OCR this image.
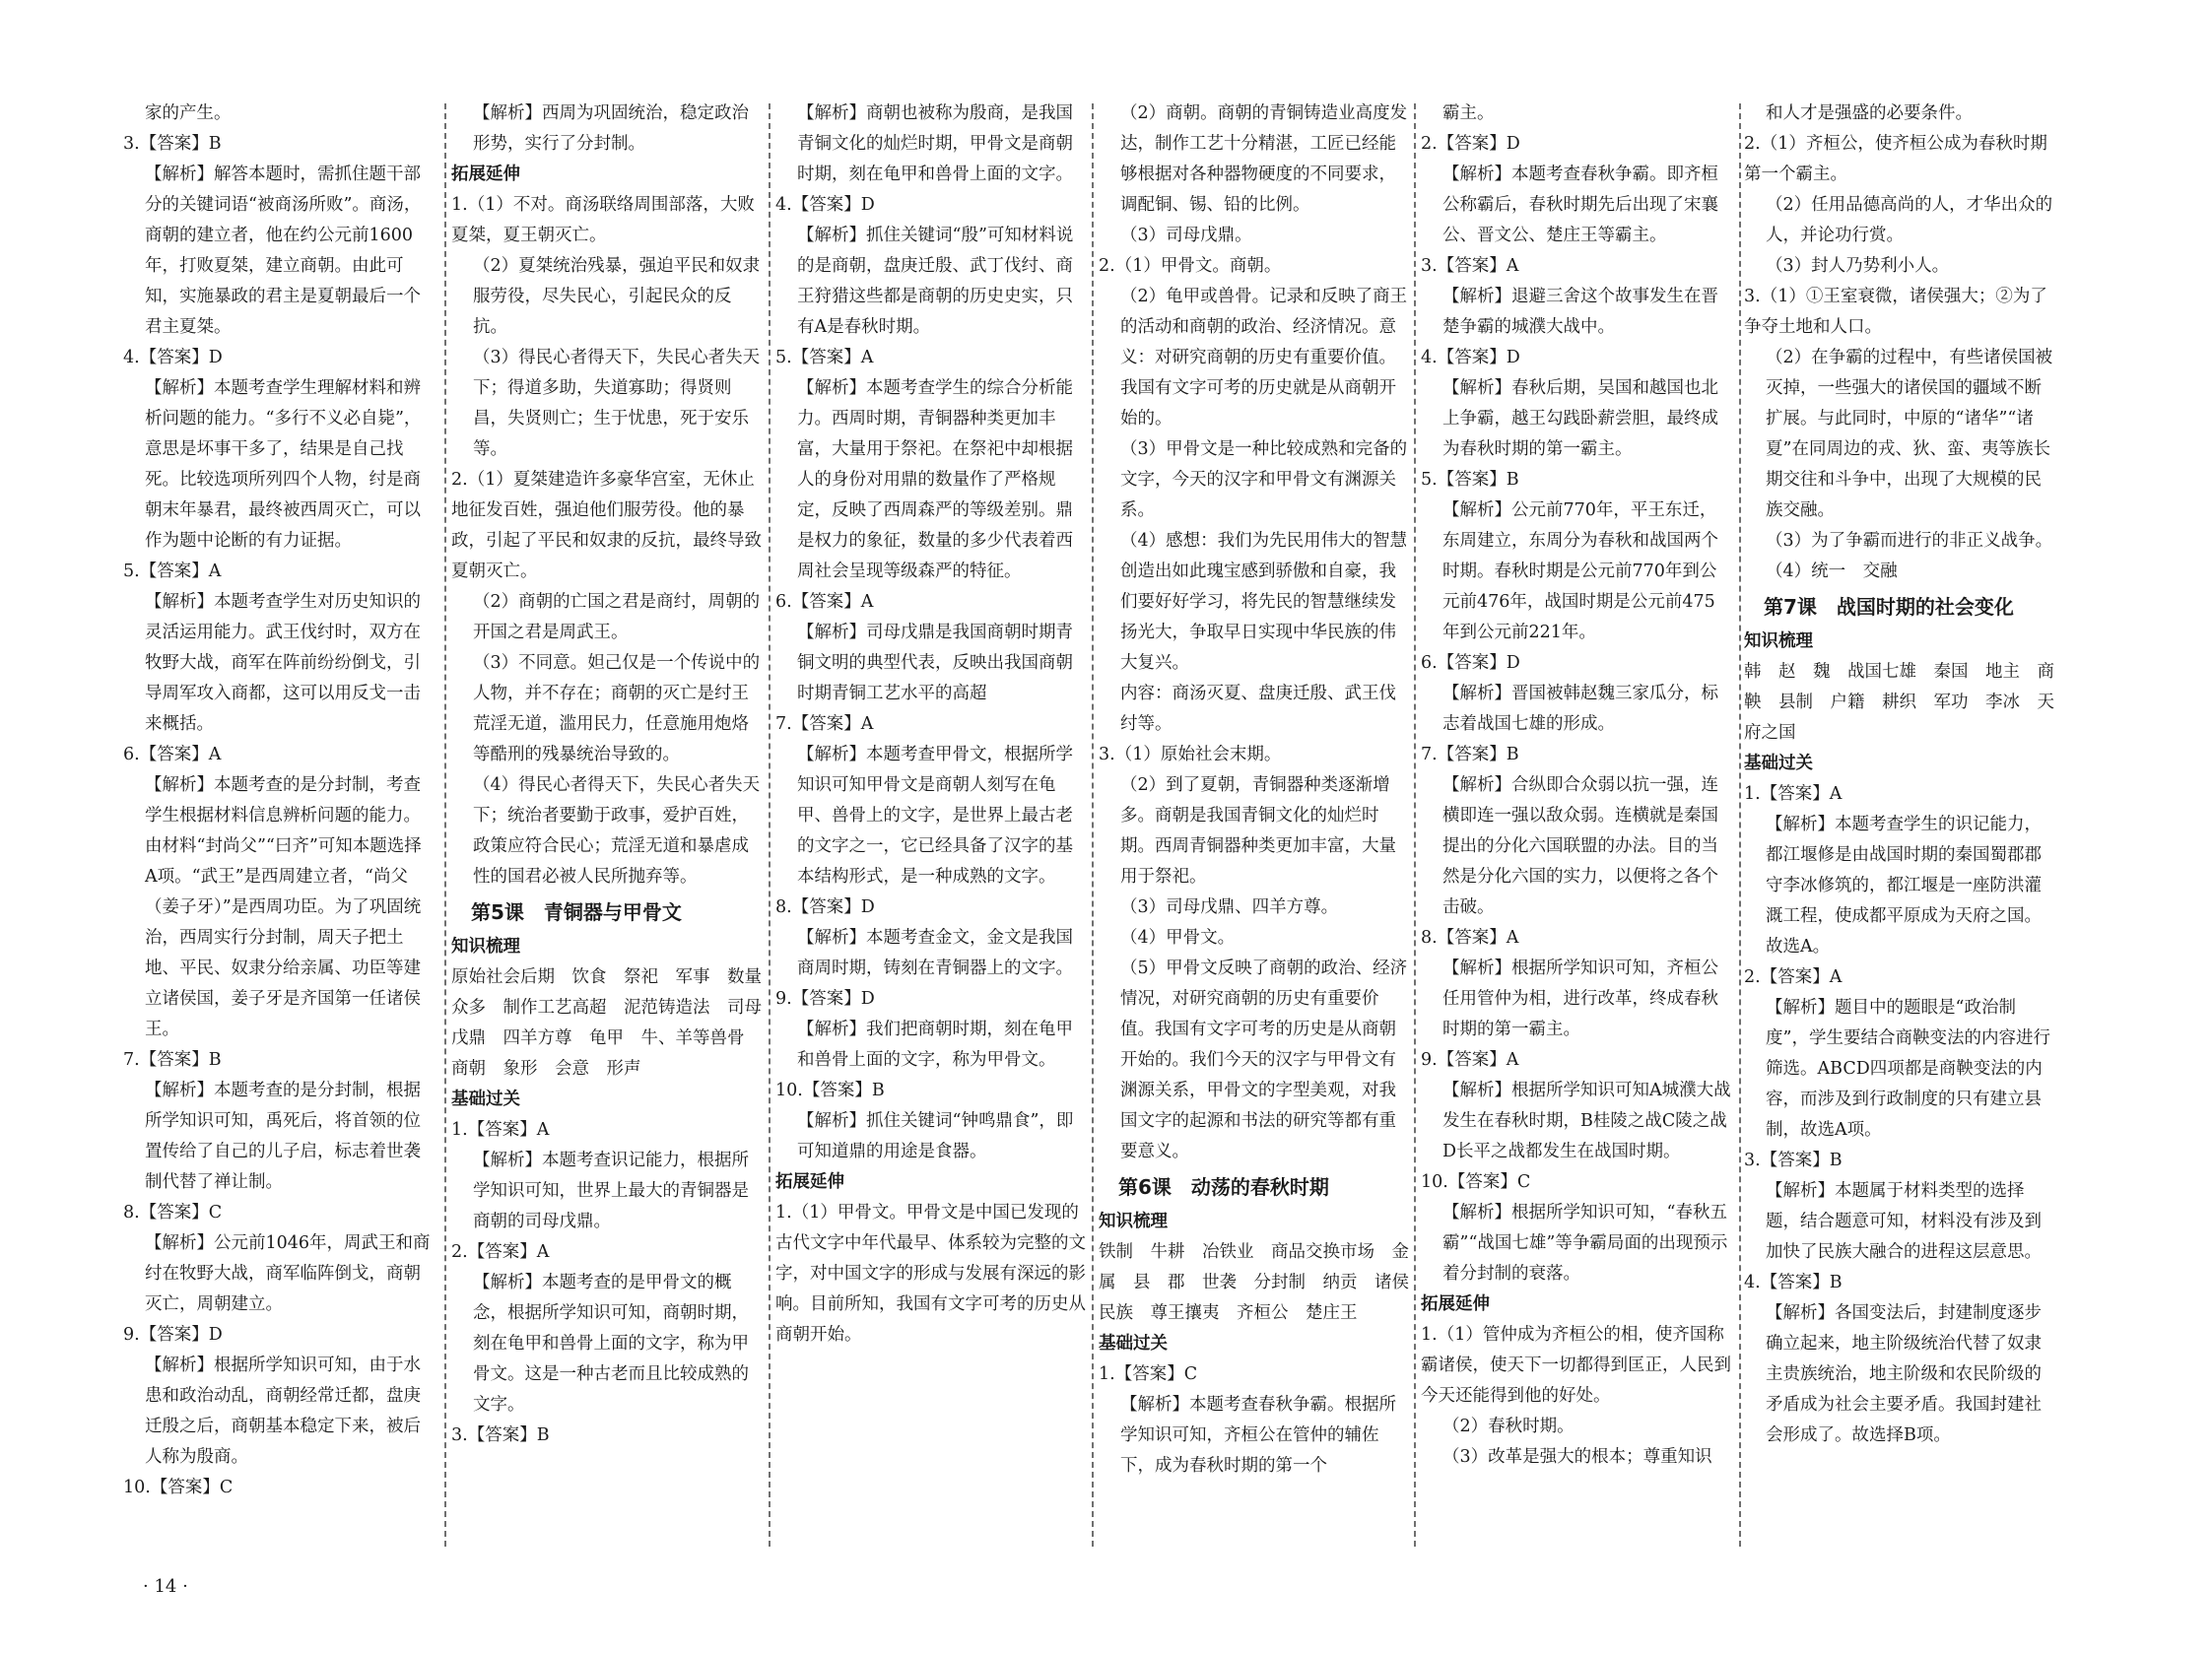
家的产生。
3.【答案】B
【解析】解答本题时，需抓住题干部分的关键词语“被商汤所败”。商汤，商朝的建立者，他在约公元前1600年，打败夏桀，建立商朝。由此可知，实施暴政的君主是夏朝最后一个君主夏桀。
4.【答案】D
【解析】本题考查学生理解材料和辨析问题的能力。“多行不义必自毙”，意思是坏事干多了，结果是自己找死。比较选项所列四个人物，纣是商朝末年暴君，最终被西周灭亡，可以作为题中论断的有力证据。
5.【答案】A
【解析】本题考查学生对历史知识的灵活运用能力。武王伐纣时，双方在牧野大战，商军在阵前纷纷倒戈，引导周军攻入商都，这可以用反戈一击来概括。
6.【答案】A
【解析】本题考查的是分封制，考查学生根据材料信息辨析问题的能力。由材料“封尚父”“曰齐”可知本题选择A项。“武王”是西周建立者，“尚父（姜子牙）”是西周功臣。为了巩固统治，西周实行分封制，周天子把土地、平民、奴隶分给亲属、功臣等建立诸侯国，姜子牙是齐国第一任诸侯王。
7.【答案】B
【解析】本题考查的是分封制，根据所学知识可知，禹死后，将首领的位置传给了自己的儿子启，标志着世袭制代替了禅让制。
8.【答案】C
【解析】公元前1046年，周武王和商纣在牧野大战，商军临阵倒戈，商朝灭亡，周朝建立。
9.【答案】D
【解析】根据所学知识可知，由于水患和政治动乱，商朝经常迁都，盘庚迁殷之后，商朝基本稳定下来，被后人称为殷商。
10.【答案】C
【解析】西周为巩固统治，稳定政治形势，实行了分封制。
拓展延伸
1.（1）不对。商汤联络周围部落，大败夏桀，夏王朝灭亡。
（2）夏桀统治残暴，强迫平民和奴隶服劳役，尽失民心，引起民众的反抗。
（3）得民心者得天下，失民心者失天下；得道多助，失道寡助；得贤则昌，失贤则亡；生于忧患，死于安乐等。
2.（1）夏桀建造许多豪华宫室，无休止地征发百姓，强迫他们服劳役。他的暴政，引起了平民和奴隶的反抗，最终导致夏朝灭亡。
（2）商朝的亡国之君是商纣，周朝的开国之君是周武王。
（3）不同意。妲己仅是一个传说中的人物，并不存在；商朝的灭亡是纣王荒淫无道，滥用民力，任意施用炮烙等酷刑的残暴统治导致的。
（4）得民心者得天下，失民心者失天下；统治者要勤于政事，爱护百姓，政策应符合民心；荒淫无道和暴虐成性的国君必被人民所抛弃等。
第5课　青铜器与甲骨文
知识梳理
原始社会后期　饮食　祭祀　军事　数量众多　制作工艺高超　泥范铸造法　司母戊鼎　四羊方尊　龟甲　牛、羊等兽骨　商朝　象形　会意　形声
基础过关
1.【答案】A
【解析】本题考查识记能力，根据所学知识可知，世界上最大的青铜器是商朝的司母戊鼎。
2.【答案】A
【解析】本题考查的是甲骨文的概念，根据所学知识可知，商朝时期，刻在龟甲和兽骨上面的文字，称为甲骨文。这是一种古老而且比较成熟的文字。
3.【答案】B
【解析】商朝也被称为殷商，是我国青铜文化的灿烂时期，甲骨文是商朝时期，刻在龟甲和兽骨上面的文字。
4.【答案】D
【解析】抓住关键词“殷”可知材料说的是商朝，盘庚迁殷、武丁伐纣、商王狩猎这些都是商朝的历史史实，只有A是春秋时期。
5.【答案】A
【解析】本题考查学生的综合分析能力。西周时期，青铜器种类更加丰富，大量用于祭祀。在祭祀中却根据人的身份对用鼎的数量作了严格规定，反映了西周森严的等级差别。鼎是权力的象征，数量的多少代表着西周社会呈现等级森严的特征。
6.【答案】A
【解析】司母戊鼎是我国商朝时期青铜文明的典型代表，反映出我国商朝时期青铜工艺水平的高超
7.【答案】A
【解析】本题考查甲骨文，根据所学知识可知甲骨文是商朝人刻写在龟甲、兽骨上的文字，是世界上最古老的文字之一，它已经具备了汉字的基本结构形式，是一种成熟的文字。
8.【答案】D
【解析】本题考查金文，金文是我国商周时期，铸刻在青铜器上的文字。
9.【答案】D
【解析】我们把商朝时期，刻在龟甲和兽骨上面的文字，称为甲骨文。
10.【答案】B
【解析】抓住关键词“钟鸣鼎食”，即可知道鼎的用途是食器。
拓展延伸
1.（1）甲骨文。甲骨文是中国已发现的古代文字中年代最早、体系较为完整的文字，对中国文字的形成与发展有深远的影响。目前所知，我国有文字可考的历史从商朝开始。
（2）商朝。商朝的青铜铸造业高度发达，制作工艺十分精湛，工匠已经能够根据对各种器物硬度的不同要求，调配铜、锡、铅的比例。
（3）司母戊鼎。
2.（1）甲骨文。商朝。
（2）龟甲或兽骨。记录和反映了商王的活动和商朝的政治、经济情况。意义：对研究商朝的历史有重要价值。我国有文字可考的历史就是从商朝开始的。
（3）甲骨文是一种比较成熟和完备的文字，今天的汉字和甲骨文有渊源关系。
（4）感想：我们为先民用伟大的智慧创造出如此瑰宝感到骄傲和自豪，我们要好好学习，将先民的智慧继续发扬光大，争取早日实现中华民族的伟大复兴。
内容：商汤灭夏、盘庚迁殷、武王伐纣等。
3.（1）原始社会末期。
（2）到了夏朝，青铜器种类逐渐增多。商朝是我国青铜文化的灿烂时期。西周青铜器种类更加丰富，大量用于祭祀。
（3）司母戊鼎、四羊方尊。
（4）甲骨文。
（5）甲骨文反映了商朝的政治、经济情况，对研究商朝的历史有重要价值。我国有文字可考的历史是从商朝开始的。我们今天的汉字与甲骨文有渊源关系，甲骨文的字型美观，对我国文字的起源和书法的研究等都有重要意义。
第6课　动荡的春秋时期
知识梳理
铁制　牛耕　冶铁业　商品交换市场　金属　县　郡　世袭　分封制　纳贡　诸侯　民族　尊王攘夷　齐桓公　楚庄王
基础过关
1.【答案】C
【解析】本题考查春秋争霸。根据所学知识可知，齐桓公在管仲的辅佐下，成为春秋时期的第一个
霸主。
2.【答案】D
【解析】本题考查春秋争霸。即齐桓公称霸后，春秋时期先后出现了宋襄公、晋文公、楚庄王等霸主。
3.【答案】A
【解析】退避三舍这个故事发生在晋楚争霸的城濮大战中。
4.【答案】D
【解析】春秋后期，吴国和越国也北上争霸，越王勾践卧薪尝胆，最终成为春秋时期的第一霸主。
5.【答案】B
【解析】公元前770年，平王东迁，东周建立，东周分为春秋和战国两个时期。春秋时期是公元前770年到公元前476年，战国时期是公元前475年到公元前221年。
6.【答案】D
【解析】晋国被韩赵魏三家瓜分，标志着战国七雄的形成。
7.【答案】B
【解析】合纵即合众弱以抗一强，连横即连一强以敌众弱。连横就是秦国提出的分化六国联盟的办法。目的当然是分化六国的实力，以便将之各个击破。
8.【答案】A
【解析】根据所学知识可知，齐桓公任用管仲为相，进行改革，终成春秋时期的第一霸主。
9.【答案】A
【解析】根据所学知识可知A城濮大战发生在春秋时期，B桂陵之战C陵之战D长平之战都发生在战国时期。
10.【答案】C
【解析】根据所学知识可知，“春秋五霸”“战国七雄”等争霸局面的出现预示着分封制的衰落。
拓展延伸
1.（1）管仲成为齐桓公的相，使齐国称霸诸侯，使天下一切都得到匡正，人民到今天还能得到他的好处。
（2）春秋时期。
（3）改革是强大的根本；尊重知识
和人才是强盛的必要条件。
2.（1）齐桓公，使齐桓公成为春秋时期第一个霸主。
（2）任用品德高尚的人，才华出众的人，并论功行赏。
（3）封人乃势利小人。
3.（1）①王室衰微，诸侯强大；②为了争夺土地和人口。
（2）在争霸的过程中，有些诸侯国被灭掉，一些强大的诸侯国的疆域不断扩展。与此同时，中原的“诸华”“诸夏”在同周边的戎、狄、蛮、夷等族长期交往和斗争中，出现了大规模的民族交融。
（3）为了争霸而进行的非正义战争。
（4）统一　交融
第7课　战国时期的社会变化
知识梳理
韩　赵　魏　战国七雄　秦国　地主　商鞅　县制　户籍　耕织　军功　李冰　天府之国
基础过关
1.【答案】A
【解析】本题考查学生的识记能力，都江堰修是由战国时期的秦国蜀郡郡守李冰修筑的，都江堰是一座防洪灌溉工程，使成都平原成为天府之国。故选A。
2.【答案】A
【解析】题目中的题眼是“政治制度”，学生要结合商鞅变法的内容进行筛选。ABCD四项都是商鞅变法的内容，而涉及到行政制度的只有建立县制，故选A项。
3.【答案】B
【解析】本题属于材料类型的选择题，结合题意可知，材料没有涉及到加快了民族大融合的进程这层意思。
4.【答案】B
【解析】各国变法后，封建制度逐步确立起来，地主阶级统治代替了奴隶主贵族统治，地主阶级和农民阶级的矛盾成为社会主要矛盾。我国封建社会形成了。故选择B项。
· 14 ·
